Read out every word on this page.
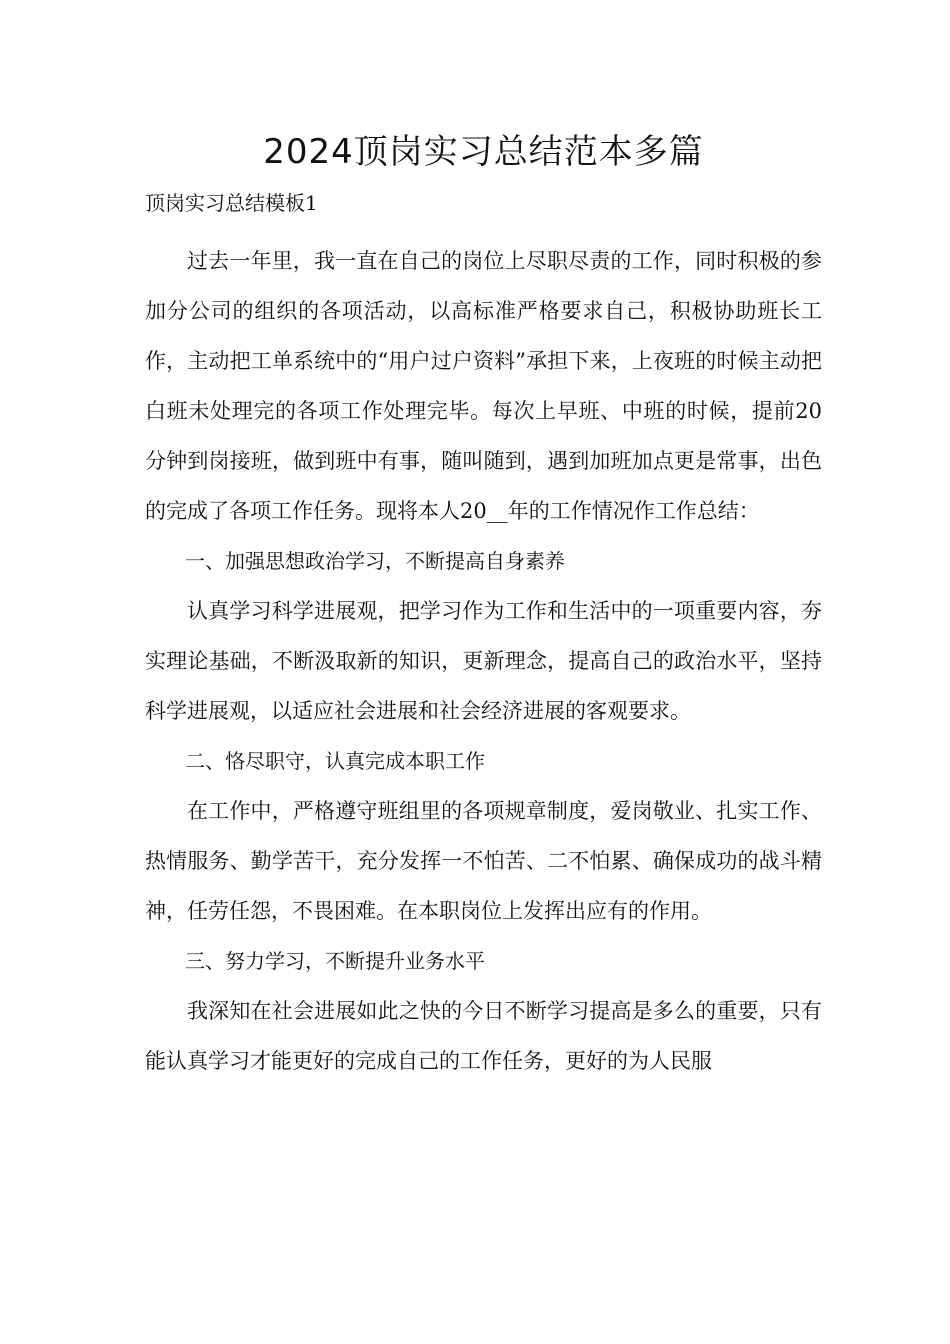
2024顶岗实习总结范本多篇
顶岗实习总结模板1

过去一年里，我一直在自己的岗位上尽职尽责的工作，同时积极的参加分公司的组织的各项活动，以高标准严格要求自己，积极协助班长工作，主动把工单系统中的“用户过户资料”承担下来，上夜班的时候主动把白班未处理完的各项工作处理完毕。每次上早班、中班的时候，提前20分钟到岗接班，做到班中有事，随叫随到，遇到加班加点更是常事，出色的完成了各项工作任务。现将本人20__年的工作情况作工作总结：

一、加强思想政治学习，不断提高自身素养

认真学习科学进展观，把学习作为工作和生活中的一项重要内容，夯实理论基础，不断汲取新的知识，更新理念，提高自己的政治水平，坚持科学进展观，以适应社会进展和社会经济进展的客观要求。

二、恪尽职守，认真完成本职工作

在工作中，严格遵守班组里的各项规章制度，爱岗敬业、扎实工作、热情服务、勤学苦干，充分发挥一不怕苦、二不怕累、确保成功的战斗精神，任劳任怨，不畏困难。在本职岗位上发挥出应有的作用。

三、努力学习，不断提升业务水平

我深知在社会进展如此之快的今日不断学习提高是多么的重要，只有能认真学习才能更好的完成自己的工作任务，更好的为人民服
